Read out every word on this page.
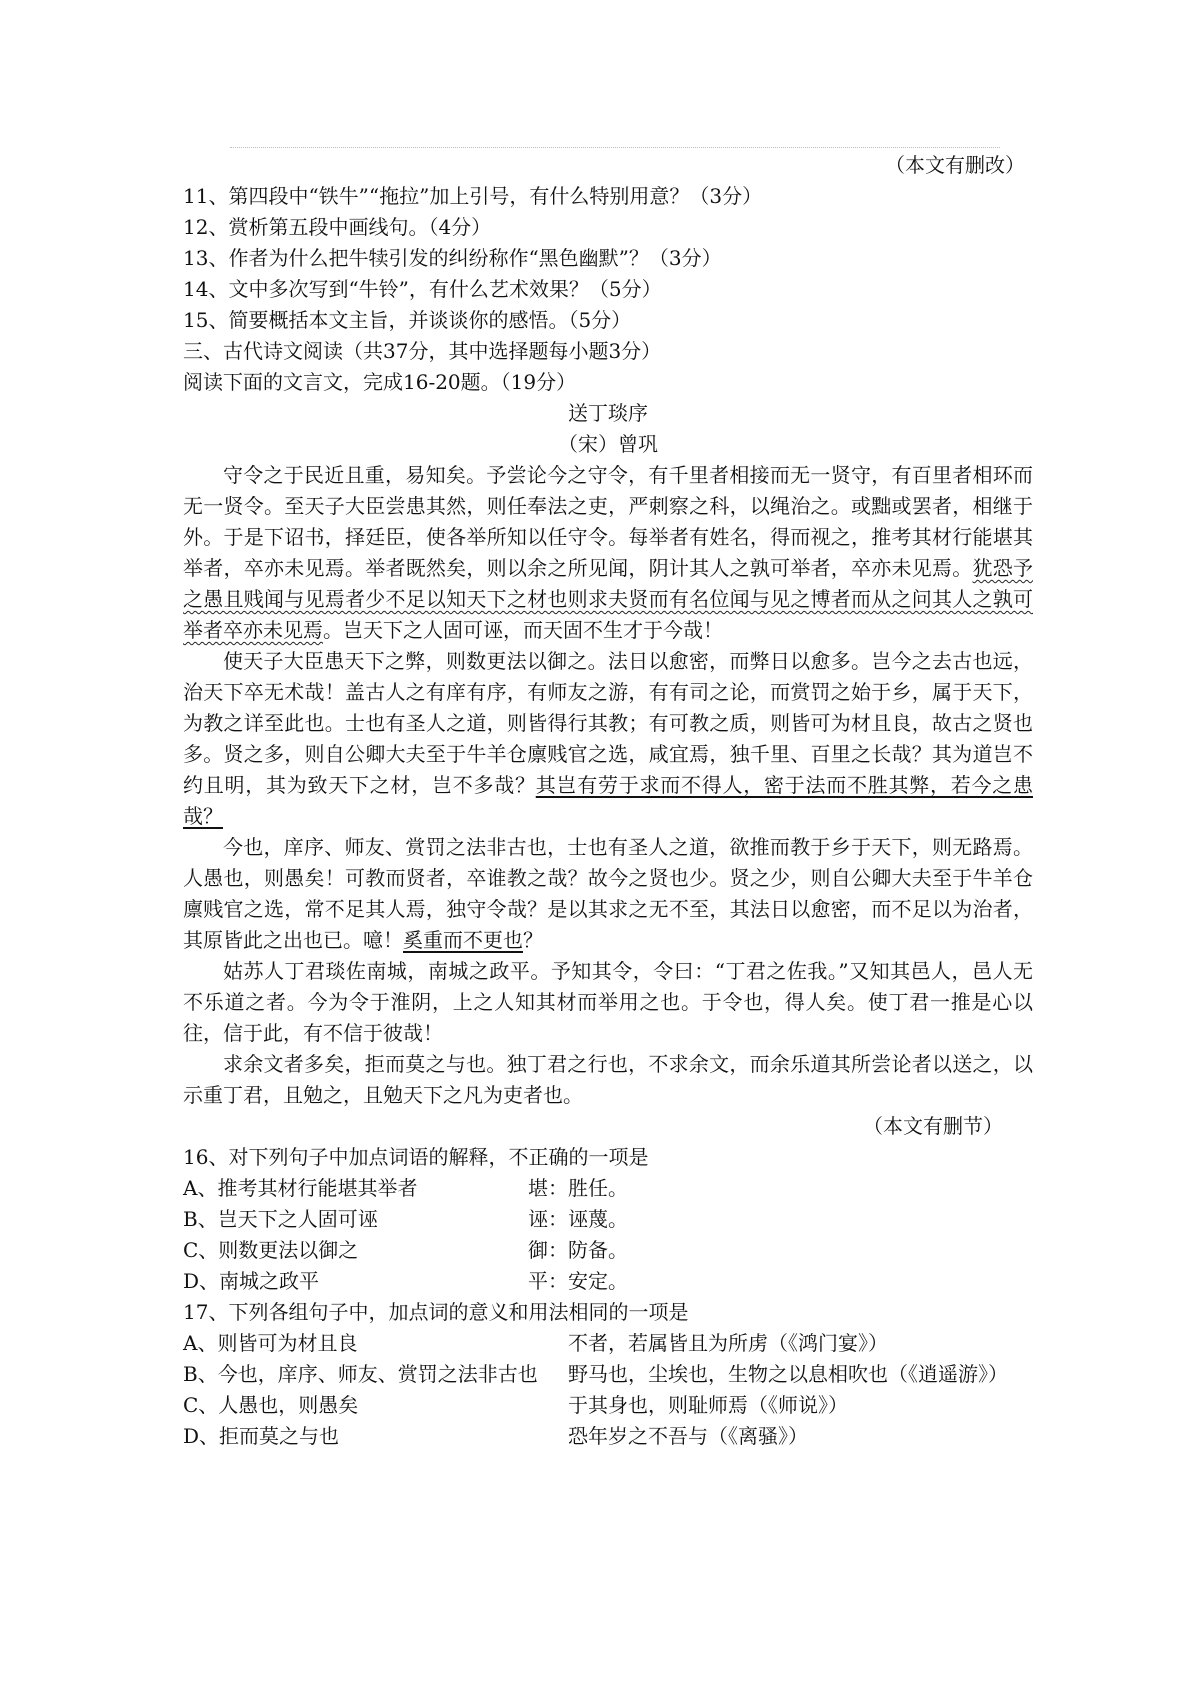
（本文有删改）

11、第四段中“铁牛”“拖拉”加上引号，有什么特别用意？（3分）

12、赏析第五段中画线句。（4分）

13、作者为什么把牛犊引发的纠纷称作“黑色幽默”？（3分）

14、文中多次写到“牛铃”，有什么艺术效果？（5分）

15、简要概括本文主旨，并谈谈你的感悟。（5分）

三、古代诗文阅读（共37分，其中选择题每小题3分）

阅读下面的文言文，完成16-20题。（19分）

送丁琰序

（宋）曾巩

守令之于民近且重，易知矣。予尝论今之守令，有千里者相接而无一贤守，有百里者相环而无一贤令。至天子大臣尝患其然，则任奉法之吏，严刺察之科，以绳治之。或黜或罢者，相继于外。于是下诏书，择廷臣，使各举所知以任守令。每举者有姓名，得而视之，推考其材行能堪其举者，卒亦未见焉。举者既然矣，则以余之所见闻，阴计其人之孰可举者，卒亦未见焉。犹恐予之愚且贱闻与见焉者少不足以知天下之材也则求夫贤而有名位闻与见之博者而从之问其人之孰可举者卒亦未见焉。岂天下之人固可诬，而天固不生才于今哉！

使天子大臣患天下之弊，则数更法以御之。法日以愈密，而弊日以愈多。岂今之去古也远，治天下卒无术哉！盖古人之有庠有序，有师友之游，有有司之论，而赏罚之始于乡，属于天下，为教之详至此也。士也有圣人之道，则皆得行其教；有可教之质，则皆可为材且良，故古之贤也多。贤之多，则自公卿大夫至于牛羊仓廪贱官之选，咸宜焉，独千里、百里之长哉？其为道岂不约且明，其为致天下之材，岂不多哉？其岂有劳于求而不得人，密于法而不胜其弊，若今之患哉？

今也，庠序、师友、赏罚之法非古也，士也有圣人之道，欲推而教于乡于天下，则无路焉。人愚也，则愚矣！可教而贤者，卒谁教之哉？故今之贤也少。贤之少，则自公卿大夫至于牛羊仓廪贱官之选，常不足其人焉，独守令哉？是以其求之无不至，其法日以愈密，而不足以为治者，其原皆此之出也已。噫！奚重而不更也？

姑苏人丁君琰佐南城，南城之政平。予知其令，令曰：“丁君之佐我。”又知其邑人，邑人无不乐道之者。今为令于淮阴，上之人知其材而举用之也。于令也，得人矣。使丁君一推是心以往，信于此，有不信于彼哉！

求余文者多矣，拒而莫之与也。独丁君之行也，不求余文，而余乐道其所尝论者以送之，以示重丁君，且勉之，且勉天下之凡为吏者也。

（本文有删节）

16、对下列句子中加点词语的解释，不正确的一项是

A、推考其材行能堪其举者	堪：胜任。
B、岂天下之人固可诬	诬：诬蔑。
C、则数更法以御之	御：防备。
D、南城之政平	平：安定。

17、下列各组句子中，加点词的意义和用法相同的一项是

A、则皆可为材且良	不者，若属皆且为所虏（《鸿门宴》）
B、今也，庠序、师友、赏罚之法非古也	野马也，尘埃也，生物之以息相吹也（《逍遥游》）
C、人愚也，则愚矣	于其身也，则耻师焉（《师说》）
D、拒而莫之与也	恐年岁之不吾与（《离骚》）
